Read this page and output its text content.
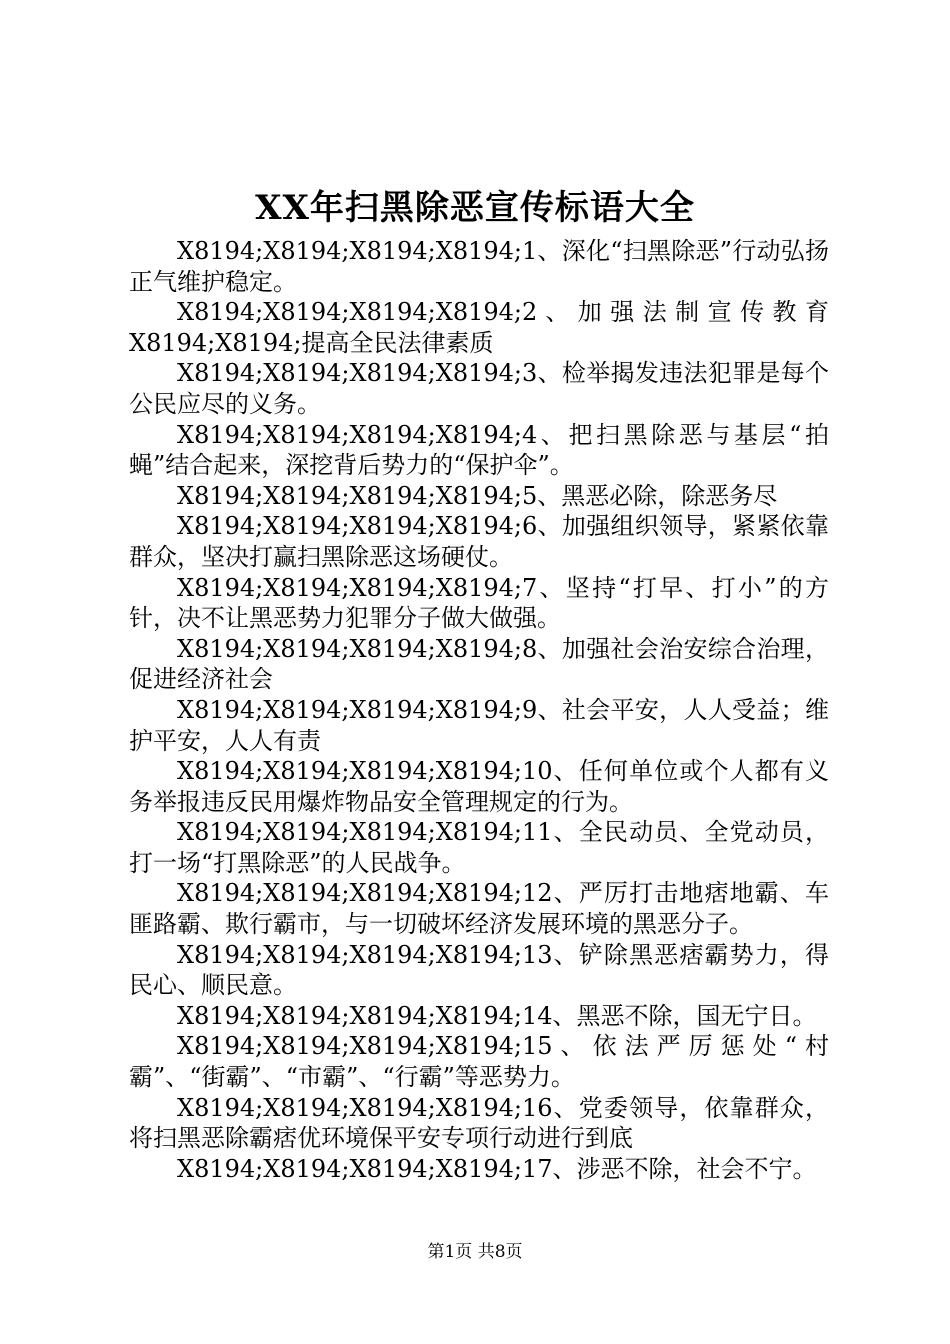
XX年扫黑除恶宣传标语大全

X8194;X8194;X8194;X8194;1、深化“扫黑除恶”行动弘扬正气维护稳定。

X8194;X8194;X8194;X8194;2 、 加 强 法 制 宣 传 教 育 X8194;X8194;提高全民法律素质

X8194;X8194;X8194;X8194;3、检举揭发违法犯罪是每个公民应尽的义务。

X8194;X8194;X8194;X8194;4、把扫黑除恶与基层“拍蝇”结合起来，深挖背后势力的“保护伞”。

X8194;X8194;X8194;X8194;5、黑恶必除，除恶务尽

X8194;X8194;X8194;X8194;6、加强组织领导，紧紧依靠群众，坚决打赢扫黑除恶这场硬仗。

X8194;X8194;X8194;X8194;7、坚持“打早、打小”的方针，决不让黑恶势力犯罪分子做大做强。

X8194;X8194;X8194;X8194;8、加强社会治安综合治理，促进经济社会

X8194;X8194;X8194;X8194;9、社会平安，人人受益；维护平安，人人有责

X8194;X8194;X8194;X8194;10、任何单位或个人都有义务举报违反民用爆炸物品安全管理规定的行为。

X8194;X8194;X8194;X8194;11、全民动员、全党动员，打一场“打黑除恶”的人民战争。

X8194;X8194;X8194;X8194;12、严厉打击地痞地霸、车匪路霸、欺行霸市，与一切破坏经济发展环境的黑恶分子。

X8194;X8194;X8194;X8194;13、铲除黑恶痞霸势力，得民心、顺民意。

X8194;X8194;X8194;X8194;14、黑恶不除，国无宁日。

X8194;X8194;X8194;X8194;15、依法严厉惩处“村霸”、“街霸”、“市霸”、“行霸”等恶势力。

X8194;X8194;X8194;X8194;16、党委领导，依靠群众，将扫黑恶除霸痞优环境保平安专项行动进行到底

X8194;X8194;X8194;X8194;17、涉恶不除，社会不宁。

第1页 共8页
